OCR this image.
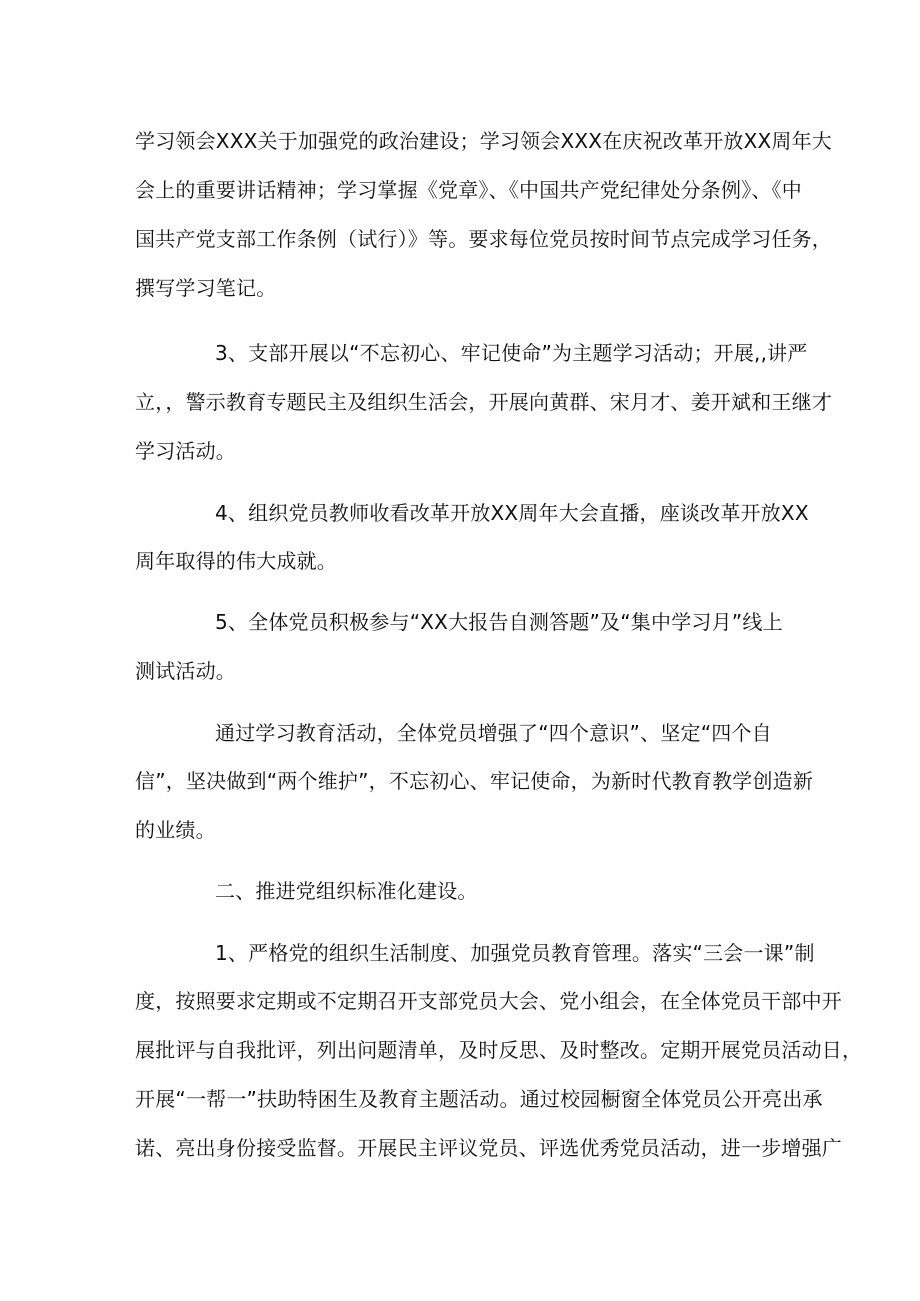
学习领会XXX关于加强党的政治建设；学习领会XXX在庆祝改革开放XX周年大
会上的重要讲话精神；学习掌握《党章》、《中国共产党纪律处分条例》、《中
国共产党支部工作条例（试行）》等。要求每位党员按时间节点完成学习任务，
撰写学习笔记。
3、支部开展以“不忘初心、牢记使命”为主题学习活动；开展,,讲严
立，，警示教育专题民主及组织生活会，开展向黄群、宋月才、姜开斌和王继才
学习活动。
4、组织党员教师收看改革开放XX周年大会直播，座谈改革开放XX
周年取得的伟大成就。
5、全体党员积极参与“XX大报告自测答题”及“集中学习月”线上
测试活动。
通过学习教育活动，全体党员增强了“四个意识”、坚定“四个自
信”，坚决做到“两个维护”，不忘初心、牢记使命，为新时代教育教学创造新
的业绩。
二、推进党组织标准化建设。
1、严格党的组织生活制度、加强党员教育管理。落实“三会一课”制
度，按照要求定期或不定期召开支部党员大会、党小组会，在全体党员干部中开
展批评与自我批评，列出问题清单，及时反思、及时整改。定期开展党员活动日，
开展“一帮一”扶助特困生及教育主题活动。通过校园橱窗全体党员公开亮出承
诺、亮出身份接受监督。开展民主评议党员、评选优秀党员活动，进一步增强广
